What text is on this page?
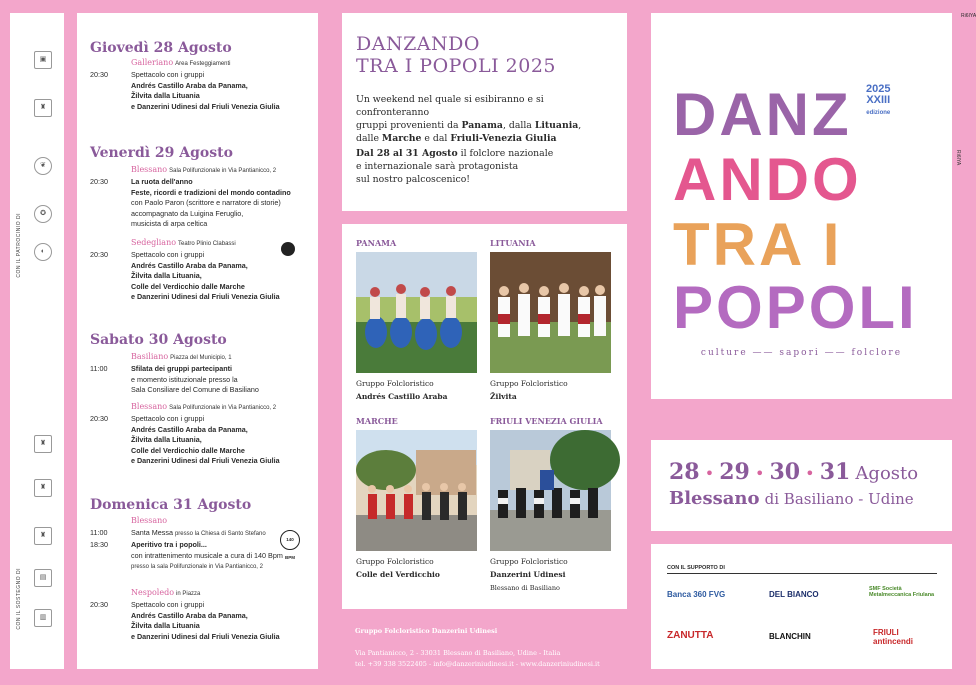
CON IL PATROCINIO DI
CON IL SOSTEGNO DI
▣
♜
❦
✪
◐
♜
♜
♜
▤
▥
Giovedì 28 Agosto
Galleriano Area Festeggiamenti
20:30	Spettacolo con i gruppi
Andrés Castillo Araba da Panama,
Žilvita dalla Lituania
e Danzerini Udinesi dal Friuli Venezia Giulia
Venerdì 29 Agosto
Blessano Sala Polifunzionale in Via Pantianicco, 2
20:30	La ruota dell'anno
Feste, ricordi e tradizioni del mondo contadino
con Paolo Paron (scrittore e narratore di storie)
accompagnato da Luigina Feruglio,
musicista di arpa celtica
Sedegliano Teatro Plinio Clabassi
20:30	Spettacolo con i gruppi
Andrés Castillo Araba da Panama,
Žilvita dalla Lituania,
Colle del Verdicchio dalle Marche
e Danzerini Udinesi dal Friuli Venezia Giulia
Sabato 30 Agosto
Basiliano Piazza del Municipio, 1
11:00	Sfilata dei gruppi partecipanti
e momento istituzionale presso la
Sala Consiliare del Comune di Basiliano
Blessano Sala Polifunzionale in Via Pantianicco, 2
20:30	Spettacolo con i gruppi
Andrés Castillo Araba da Panama,
Žilvita dalla Lituania,
Colle del Verdicchio dalle Marche
e Danzerini Udinesi dal Friuli Venezia Giulia
Domenica 31 Agosto
Blessano
11:00	Santa Messa presso la Chiesa di Santo Stefano
18:30	Aperitivo tra i popoli...
con intrattenimento musicale a cura di 140 Bpm
presso la sala Polifunzionale in Via Pantianicco, 2
140 BPM
Nespoledo in Piazza
20:30	Spettacolo con i gruppi
Andrés Castillo Araba da Panama,
Žilvita dalla Lituania
e Danzerini Udinesi dal Friuli Venezia Giulia
DANZANDO
TRA I POPOLI 2025
Un weekend nel quale si esibiranno e si confronteranno
gruppi provenienti da Panama, dalla Lituania,
dalle Marche e dal Friuli-Venezia Giulia
Dal 28 al 31 Agosto il folclore nazionale
e internazionale sarà protagonista
sul nostro palcoscenico!
PANAMA	LITUANIA
Gruppo Folcloristico
Andrés Castillo Araba
Gruppo Folcloristico
Žilvita
MARCHE	FRIULI VENEZIA GIULIA
Gruppo Folcloristico
Colle del Verdicchio
Gruppo Folcloristico
Danzerini Udinesi
Blessano di Basiliano
Gruppo Folcloristico Danzerini Udinesi

Via Pantianicco, 2 - 33031 Blessano di Basiliano, Udine - Italia
tel. +39 338 3522405 - info@danzeriniudinesi.it - www.danzeriniudinesi.it
DANZ 2025
XXIII
edizione
ANDO
TRA I
POPOLI
culture —— sapori —— folclore
Ri6IYA
Ri6IYA
28 • 29 • 30 • 31 Agosto
Blessano di Basiliano - Udine
CON IL SUPPORTO DI
Banca 360 FVG	DEL BIANCO
SMF Società Metalmeccanica Friulana
ZANUTTA	BLANCHIN	FRIULI antincendi
